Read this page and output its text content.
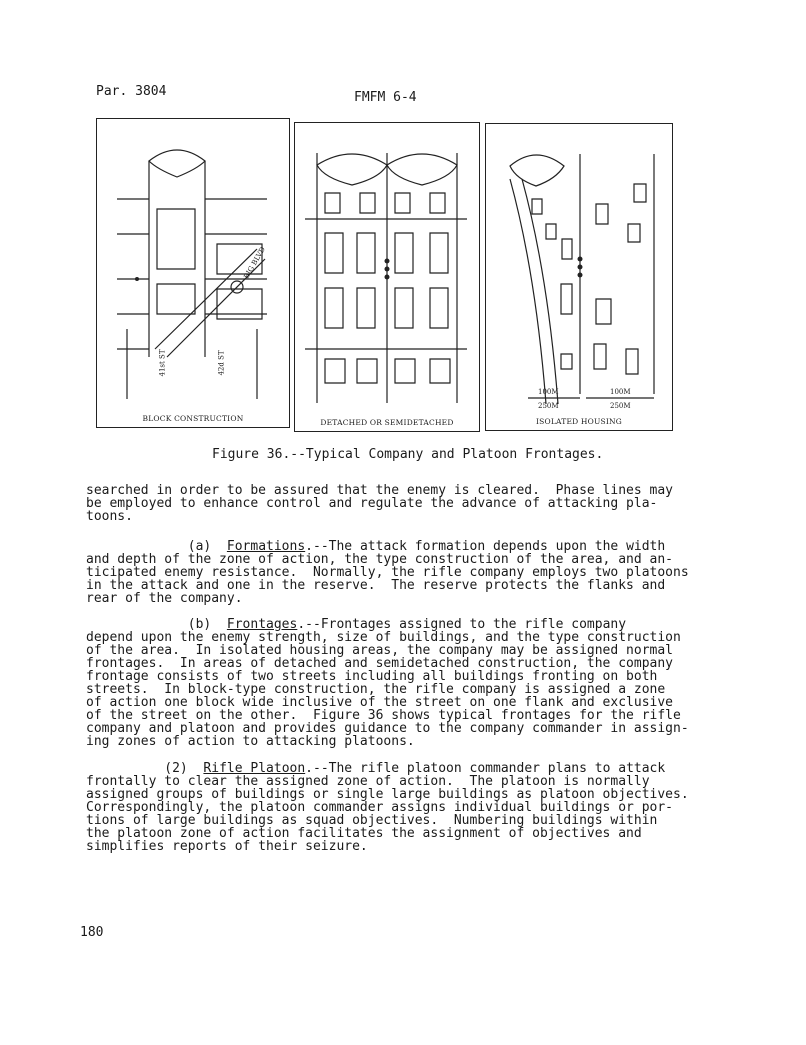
Par. 3804	FMFM 6-4
41st ST	42d ST
BIG BLVD
BLOCK CONSTRUCTION	DETACHED OR SEMIDETACHED
100M
250M
100M
250M
ISOLATED HOUSING
Figure 36.--Typical Company and Platoon Frontages.
searched in order to be assured that the enemy is cleared.  Phase lines may
be employed to enhance control and regulate the advance of attacking pla-
toons.
(a) Formations.--The attack formation depends upon the width
and depth of the zone of action, the type construction of the area, and an-
ticipated enemy resistance.  Normally, the rifle company employs two platoons
in the attack and one in the reserve.  The reserve protects the flanks and
rear of the company.
(b) Frontages.--Frontages assigned to the rifle company
depend upon the enemy strength, size of buildings, and the type construction
of the area.  In isolated housing areas, the company may be assigned normal
frontages.  In areas of detached and semidetached construction, the company
frontage consists of two streets including all buildings fronting on both
streets.  In block-type construction, the rifle company is assigned a zone
of action one block wide inclusive of the street on one flank and exclusive
of the street on the other.  Figure 36 shows typical frontages for the rifle
company and platoon and provides guidance to the company commander in assign-
ing zones of action to attacking platoons.
(2) Rifle Platoon.--The rifle platoon commander plans to attack
frontally to clear the assigned zone of action.  The platoon is normally
assigned groups of buildings or single large buildings as platoon objectives.
Correspondingly, the platoon commander assigns individual buildings or por-
tions of large buildings as squad objectives.  Numbering buildings within
the platoon zone of action facilitates the assignment of objectives and
simplifies reports of their seizure.
180
